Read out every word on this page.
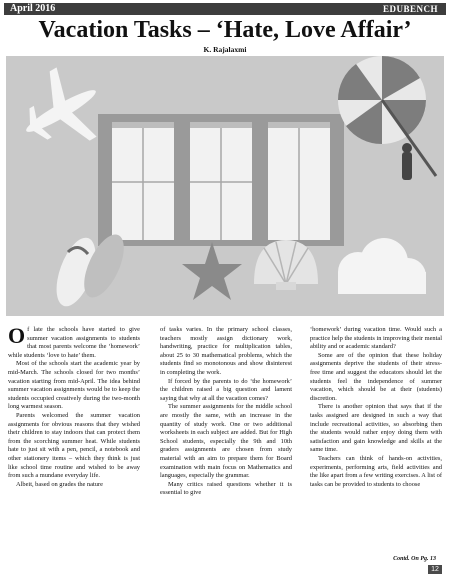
April 2016	EDUBENCH
Vacation Tasks – ‘Hate, Love Affair’
K. Rajalaxmi

Of late the schools have started to give summer vacation assignments to students that most parents welcome the ‘homework’ while students ‘love to hate’ them.

Most of the schools start the academic year by mid-March. The schools closed for two months’ vacation starting from mid-April. The idea behind summer vacation assignments would be to keep the students occupied creatively during the two-month long warmest season.

Parents welcomed the summer vacation assignments for obvious reasons that they wished their children to stay indoors that can protect them from the scorching summer heat. While students hate to just sit with a pen, pencil, a notebook and other stationery items – which they think is just like school time routine and wished to be away from such a mundane everyday life.

Albeit, based on grades the nature

of tasks varies. In the primary school classes, teachers mostly assign dictionary work, handwriting, practice for multiplication tables, about 25 to 30 mathematical problems, which the students find so monotonous and show disinterest in completing the work.

If forced by the parents to do ‘the homework’ the children raised a big question and lament saying that why at all the vacation comes?

The summer assignments for the middle school are mostly the same, with an increase in the quantity of study work. One or two additional worksheets in each subject are added. But for High School students, especially the 9th and 10th graders assignments are chosen from study material with an aim to prepare them for Board examination with main focus on Mathematics and languages, especially the grammar.

Many critics raised questions whether it is essential to give

‘homework’ during vacation time. Would such a practice help the students in improving their mental ability and or academic standard?

Some are of the opinion that these holiday assignments deprive the students of their stress-free time and suggest the educators should let the students feel the independence of summer vacation, which should be at their (students) discretion.

There is another opinion that says that if the tasks assigned are designed in such a way that include recreational activities, so absorbing then the students would rather enjoy doing them with satisfaction and gain knowledge and skills at the same time.

Teachers can think of hands-on activities, experiments, performing arts, field activities and the like apart from a few writing exercises. A list of tasks can be provided to students to choose

Contd. On Pg. 13
12
